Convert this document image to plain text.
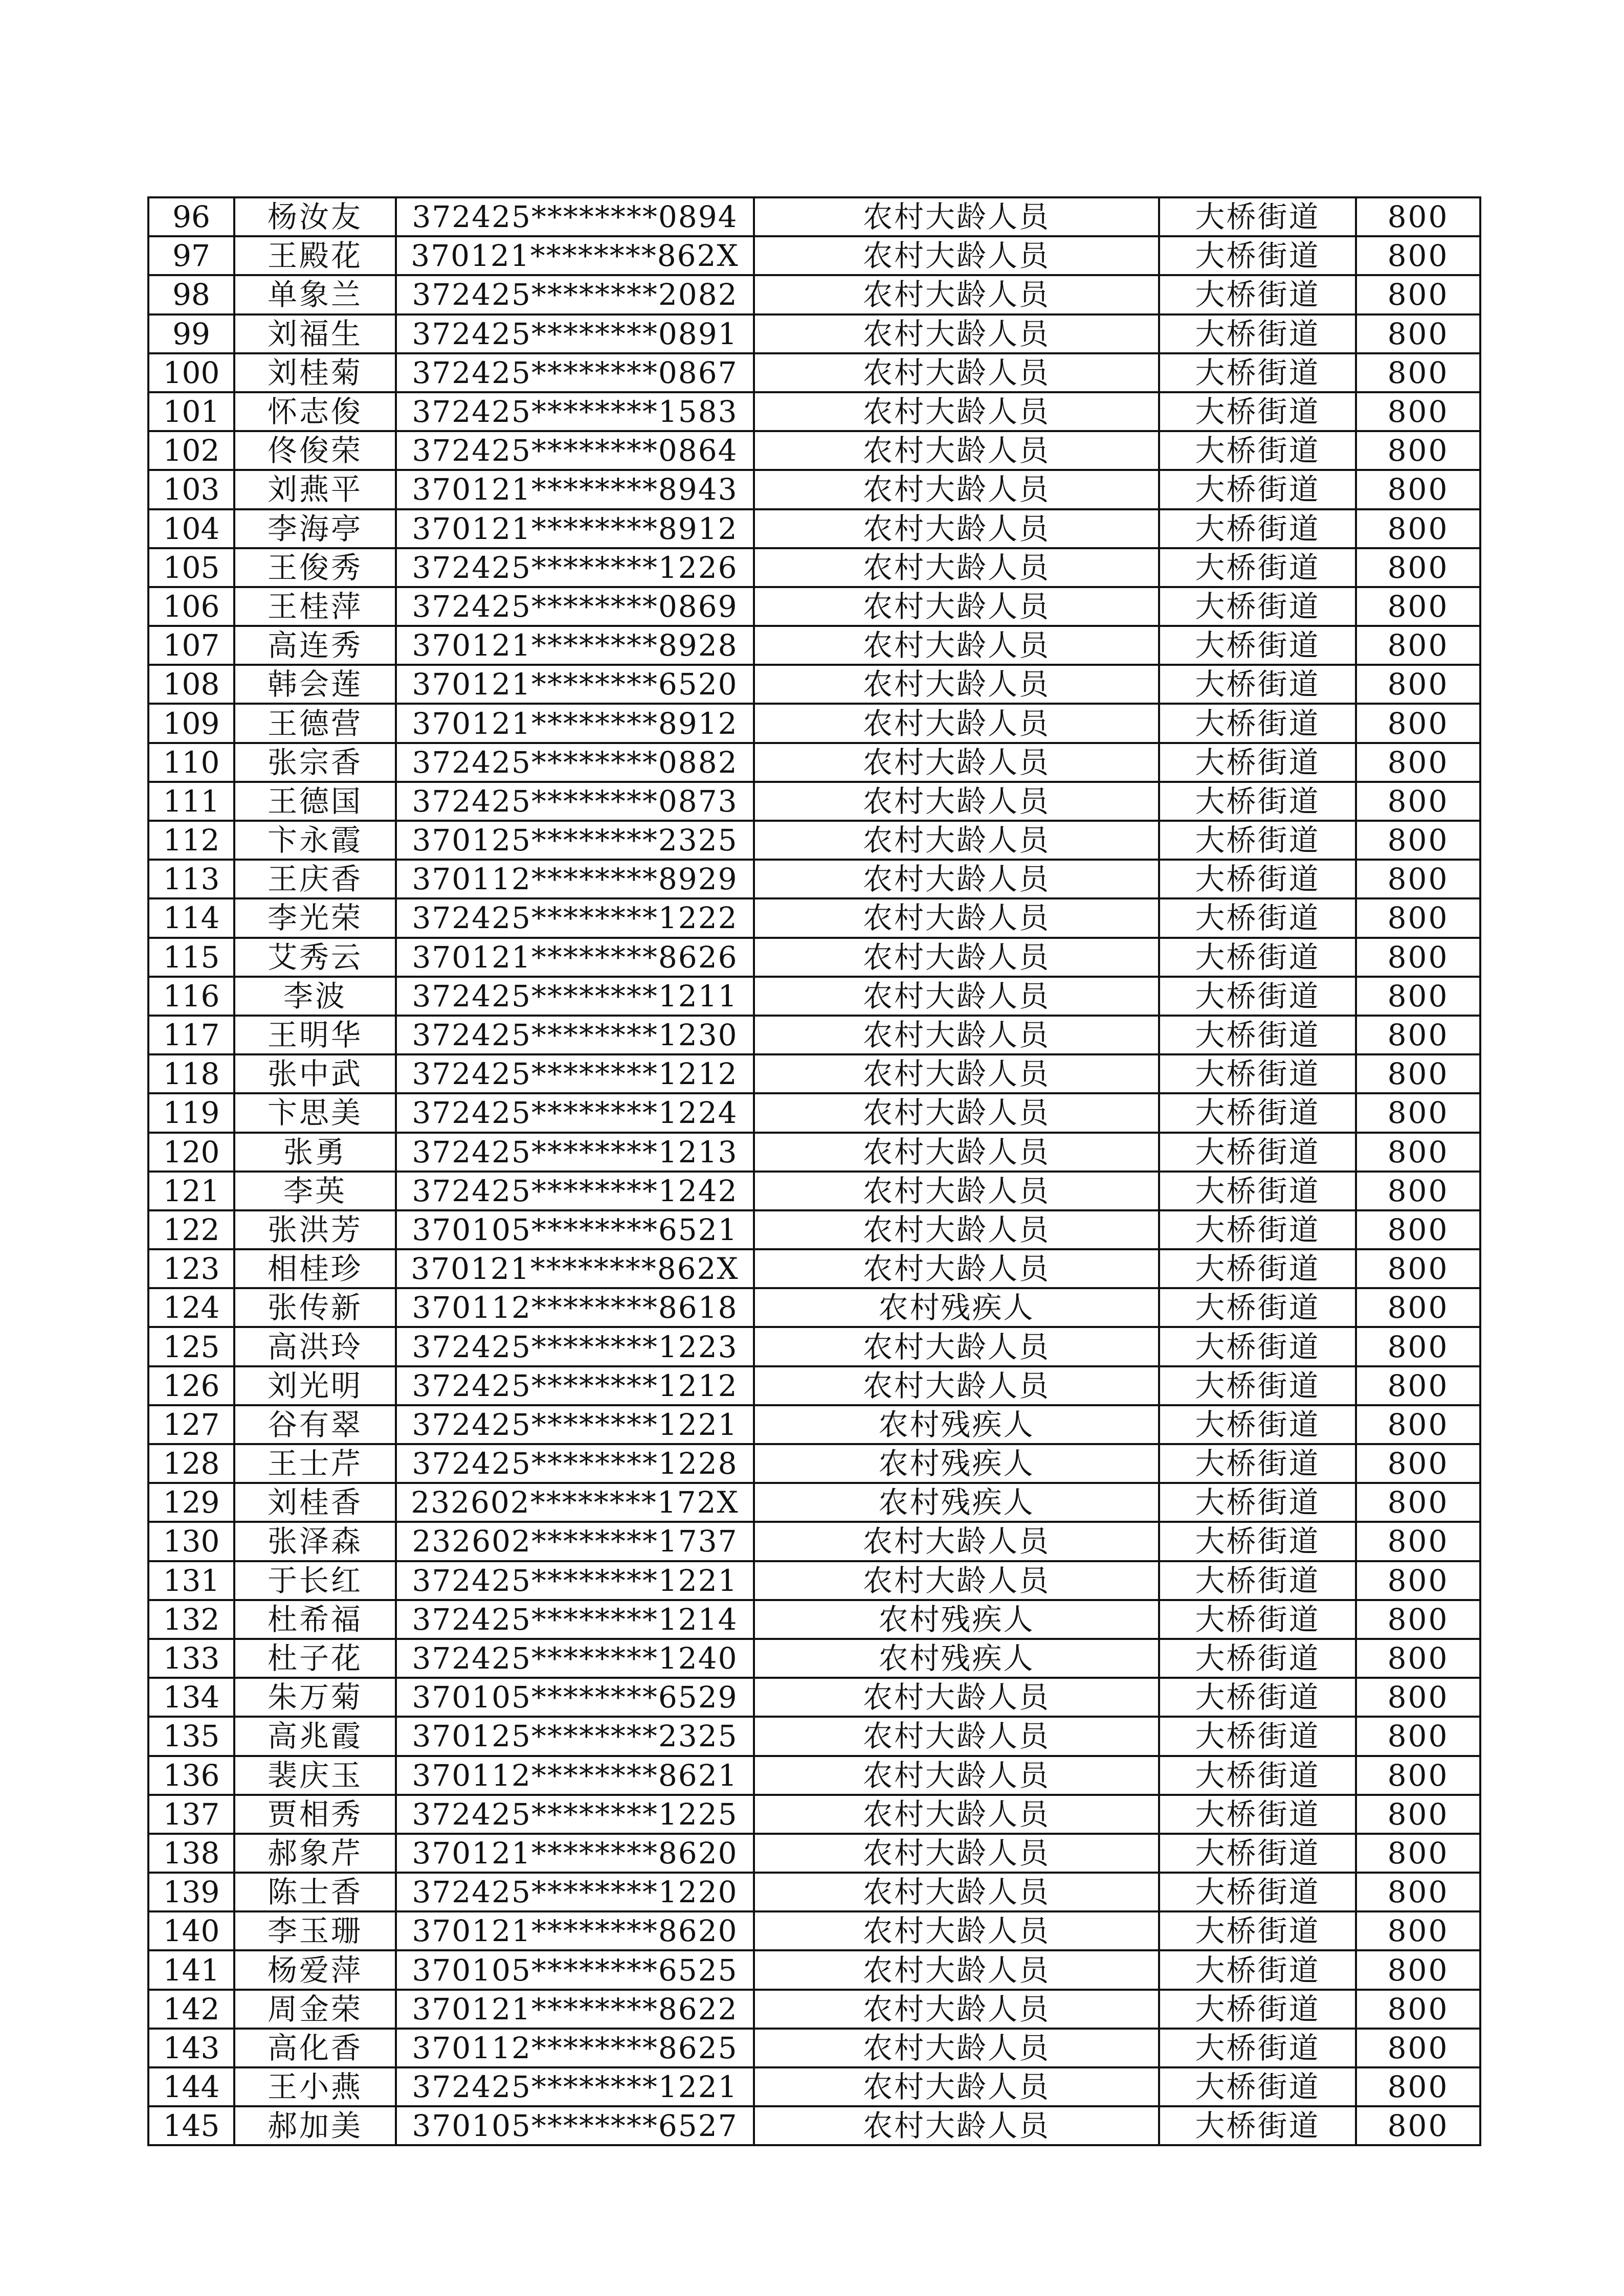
96	杨汝友	372425********0894	农村大龄人员	大桥街道	800
97	王殿花	370121********862X	农村大龄人员	大桥街道	800
98	单象兰	372425********2082	农村大龄人员	大桥街道	800
99	刘福生	372425********0891	农村大龄人员	大桥街道	800
100	刘桂菊	372425********0867	农村大龄人员	大桥街道	800
101	怀志俊	372425********1583	农村大龄人员	大桥街道	800
102	佟俊荣	372425********0864	农村大龄人员	大桥街道	800
103	刘燕平	370121********8943	农村大龄人员	大桥街道	800
104	李海亭	370121********8912	农村大龄人员	大桥街道	800
105	王俊秀	372425********1226	农村大龄人员	大桥街道	800
106	王桂萍	372425********0869	农村大龄人员	大桥街道	800
107	高连秀	370121********8928	农村大龄人员	大桥街道	800
108	韩会莲	370121********6520	农村大龄人员	大桥街道	800
109	王德营	370121********8912	农村大龄人员	大桥街道	800
110	张宗香	372425********0882	农村大龄人员	大桥街道	800
111	王德国	372425********0873	农村大龄人员	大桥街道	800
112	卞永霞	370125********2325	农村大龄人员	大桥街道	800
113	王庆香	370112********8929	农村大龄人员	大桥街道	800
114	李光荣	372425********1222	农村大龄人员	大桥街道	800
115	艾秀云	370121********8626	农村大龄人员	大桥街道	800
116	李波	372425********1211	农村大龄人员	大桥街道	800
117	王明华	372425********1230	农村大龄人员	大桥街道	800
118	张中武	372425********1212	农村大龄人员	大桥街道	800
119	卞思美	372425********1224	农村大龄人员	大桥街道	800
120	张勇	372425********1213	农村大龄人员	大桥街道	800
121	李英	372425********1242	农村大龄人员	大桥街道	800
122	张洪芳	370105********6521	农村大龄人员	大桥街道	800
123	相桂珍	370121********862X	农村大龄人员	大桥街道	800
124	张传新	370112********8618	农村残疾人	大桥街道	800
125	高洪玲	372425********1223	农村大龄人员	大桥街道	800
126	刘光明	372425********1212	农村大龄人员	大桥街道	800
127	谷有翠	372425********1221	农村残疾人	大桥街道	800
128	王士芹	372425********1228	农村残疾人	大桥街道	800
129	刘桂香	232602********172X	农村残疾人	大桥街道	800
130	张泽森	232602********1737	农村大龄人员	大桥街道	800
131	于长红	372425********1221	农村大龄人员	大桥街道	800
132	杜希福	372425********1214	农村残疾人	大桥街道	800
133	杜子花	372425********1240	农村残疾人	大桥街道	800
134	朱万菊	370105********6529	农村大龄人员	大桥街道	800
135	高兆霞	370125********2325	农村大龄人员	大桥街道	800
136	裴庆玉	370112********8621	农村大龄人员	大桥街道	800
137	贾相秀	372425********1225	农村大龄人员	大桥街道	800
138	郝象芹	370121********8620	农村大龄人员	大桥街道	800
139	陈士香	372425********1220	农村大龄人员	大桥街道	800
140	李玉珊	370121********8620	农村大龄人员	大桥街道	800
141	杨爱萍	370105********6525	农村大龄人员	大桥街道	800
142	周金荣	370121********8622	农村大龄人员	大桥街道	800
143	高化香	370112********8625	农村大龄人员	大桥街道	800
144	王小燕	372425********1221	农村大龄人员	大桥街道	800
145	郝加美	370105********6527	农村大龄人员	大桥街道	800
